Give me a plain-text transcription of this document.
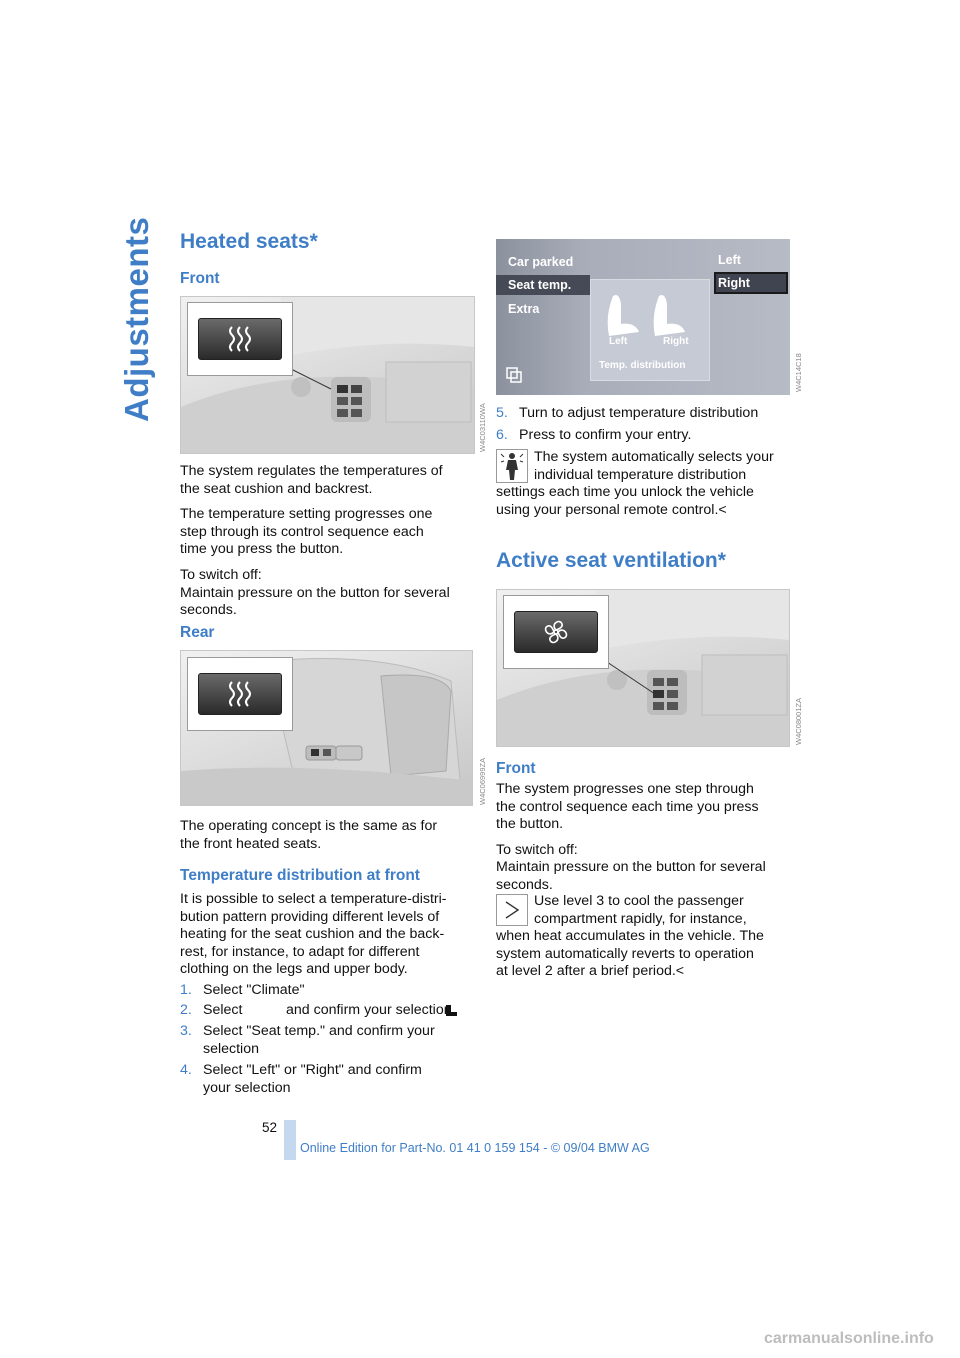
Adjustments Heated seats*
Front
W4C03110WA
The system regulates the temperatures of
the seat cushion and backrest.
The temperature setting progresses one
step through its control sequence each
time you press the button.
To switch off:
Maintain pressure on the button for several
seconds.
Rear
W4C06999ZA
The operating concept is the same as for
the front heated seats.
Temperature distribution at front
It is possible to select a temperature-distri-
bution pattern providing different levels of
heating for the seat cushion and the back-
rest, for instance, to adapt for different
clothing on the legs and upper body.
1. Select "Climate"
2. Select	and confirm your selection
3. Select "Seat temp." and confirm your
selection
4. Select "Left" or "Right" and confirm
your selection
Car parked
Seat temp.
Extra
Left
Right
Left	Right
Temp. distribution	W4C14C18
5. Turn to adjust temperature distribution
6. Press to confirm your entry.
The system automatically selects your
individual temperature distribution
settings each time you unlock the vehicle
using your personal remote control.<
Active seat ventilation*
W4C08001ZA
Front
The system progresses one step through
the control sequence each time you press
the button.
To switch off:
Maintain pressure on the button for several
seconds.
Use level 3 to cool the passenger
compartment rapidly, for instance,
when heat accumulates in the vehicle. The
system automatically reverts to operation
at level 2 after a brief period.<
52
Online Edition for Part-No. 01 41 0 159 154 - © 09/04 BMW AG
carmanualsonline.info
